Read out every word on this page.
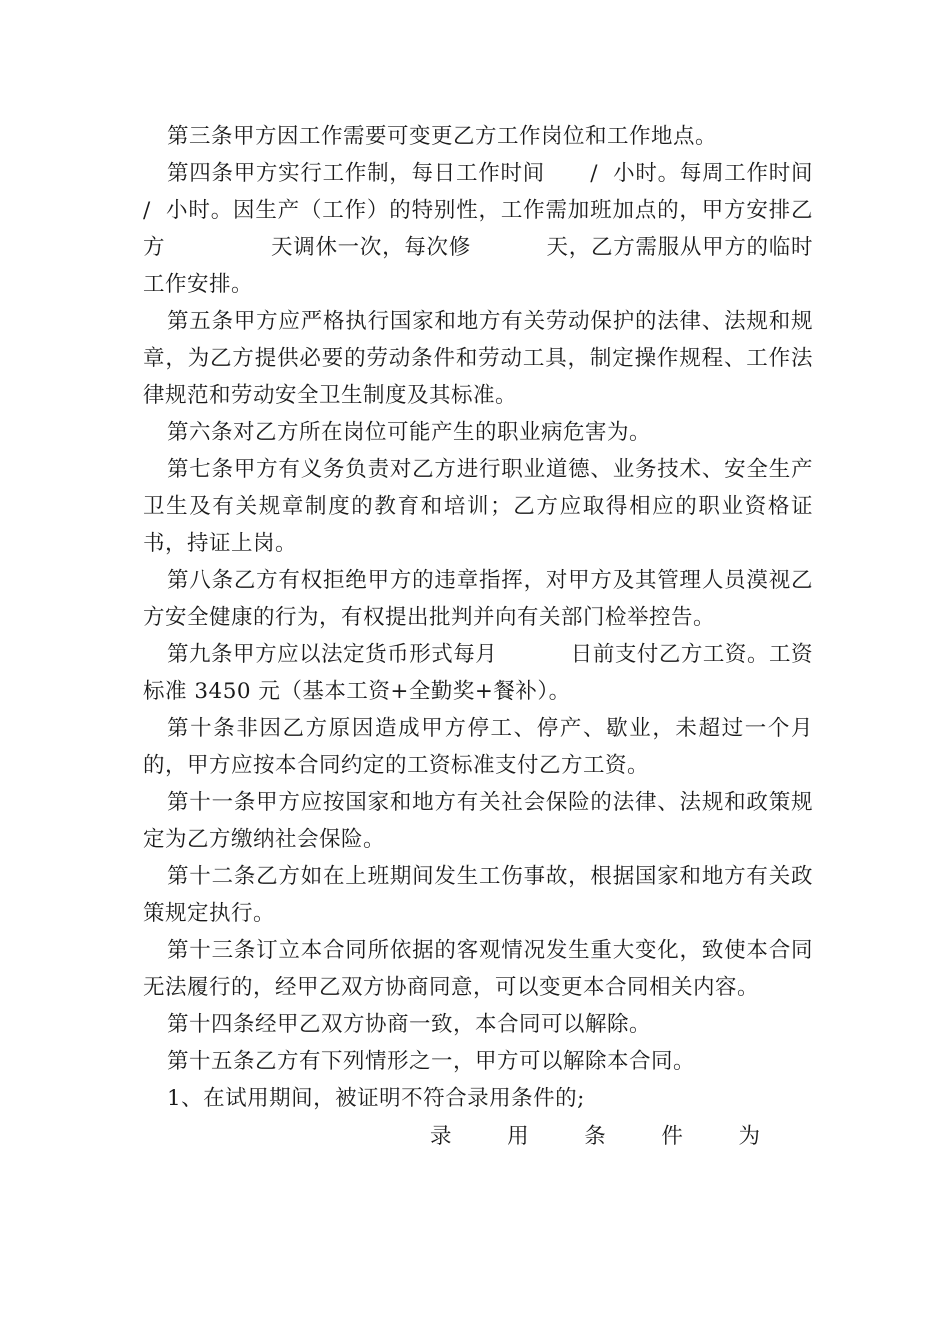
第三条甲方因工作需要可变更乙方工作岗位和工作地点。

第四条甲方实行工作制，每日工作时间      /  小时。每周工作时间   /  小时。因生产（工作）的特别性，工作需加班加点的，甲方安排乙方              天调休一次，每次修          天，乙方需服从甲方的临时工作安排。

第五条甲方应严格执行国家和地方有关劳动保护的法律、法规和规章，为乙方提供必要的劳动条件和劳动工具，制定操作规程、工作法律规范和劳动安全卫生制度及其标准。

第六条对乙方所在岗位可能产生的职业病危害为。

第七条甲方有义务负责对乙方进行职业道德、业务技术、安全生产卫生及有关规章制度的教育和培训；乙方应取得相应的职业资格证书，持证上岗。

第八条乙方有权拒绝甲方的违章指挥，对甲方及其管理人员漠视乙方安全健康的行为，有权提出批判并向有关部门检举控告。

第九条甲方应以法定货币形式每月          日前支付乙方工资。工资标准 3450 元（基本工资+全勤奖+餐补）。

第十条非因乙方原因造成甲方停工、停产、歇业，未超过一个月的，甲方应按本合同约定的工资标准支付乙方工资。

第十一条甲方应按国家和地方有关社会保险的法律、法规和政策规定为乙方缴纳社会保险。

第十二条乙方如在上班期间发生工伤事故，根据国家和地方有关政策规定执行。

第十三条订立本合同所依据的客观情况发生重大变化，致使本合同无法履行的，经甲乙双方协商同意，可以变更本合同相关内容。

第十四条经甲乙双方协商一致，本合同可以解除。

第十五条乙方有下列情形之一，甲方可以解除本合同。

1、在试用期间，被证明不符合录用条件的;

录	用	条	件	为
